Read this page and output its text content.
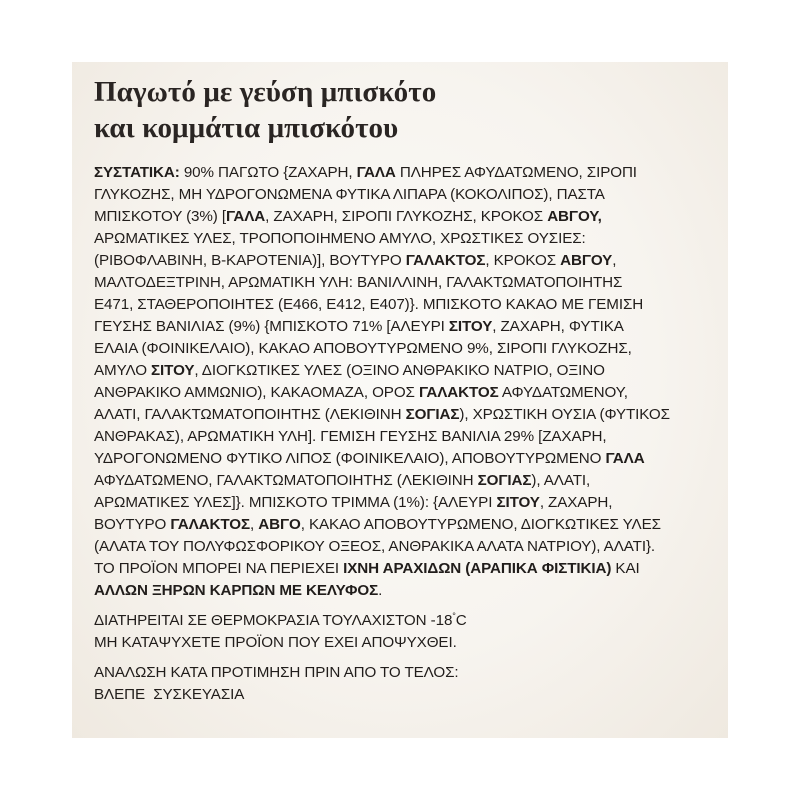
Παγωτό με γεύση μπισκότο
και κομμάτια μπισκότου
ΣΥΣΤΑΤΙΚΑ: 90% ΠΑΓΩΤΟ {ΖΑΧΑΡΗ, ΓΑΛΑ ΠΛΗΡΕΣ ΑΦΥΔΑΤΩΜΕΝΟ, ΣΙΡΟΠΙ
ΓΛΥΚΟΖΗΣ, ΜΗ ΥΔΡΟΓΟΝΩΜΕΝΑ ΦΥΤΙΚΑ ΛΙΠΑΡΑ (ΚΟΚΟΛΙΠΟΣ), ΠΑΣΤΑ
ΜΠΙΣΚΟΤΟΥ (3%) [ΓΑΛΑ, ΖΑΧΑΡΗ, ΣΙΡΟΠΙ ΓΛΥΚΟΖΗΣ, ΚΡΟΚΟΣ ΑΒΓΟΥ,
ΑΡΩΜΑΤΙΚΕΣ ΥΛΕΣ, ΤΡΟΠΟΠΟΙΗΜΕΝΟ ΑΜΥΛΟ, ΧΡΩΣΤΙΚΕΣ ΟΥΣΙΕΣ:
(ΡΙΒΟΦΛΑΒΙΝΗ, Β-ΚΑΡΟΤΕΝΙΑ)], ΒΟΥΤΥΡΟ ΓΑΛΑΚΤΟΣ, ΚΡΟΚΟΣ ΑΒΓΟΥ,
ΜΑΛΤΟΔΕΞΤΡΙΝΗ, ΑΡΩΜΑΤΙΚΗ ΥΛΗ: ΒΑΝΙΛΛΙΝΗ, ΓΑΛΑΚΤΩΜΑΤΟΠΟΙΗΤΗΣ
Ε471, ΣΤΑΘΕΡΟΠΟΙΗΤΕΣ (Ε466, Ε412, Ε407)}. ΜΠΙΣΚΟΤΟ ΚΑΚΑΟ ΜΕ ΓΕΜΙΣΗ
ΓΕΥΣΗΣ ΒΑΝΙΛΙΑΣ (9%) {ΜΠΙΣΚΟΤΟ 71% [ΑΛΕΥΡΙ ΣΙΤΟΥ, ΖΑΧΑΡΗ, ΦΥΤΙΚΑ
ΕΛΑΙΑ (ΦΟΙΝΙΚΕΛΑΙΟ), ΚΑΚΑΟ ΑΠΟΒΟΥΤΥΡΩΜΕΝΟ 9%, ΣΙΡΟΠΙ ΓΛΥΚΟΖΗΣ,
ΑΜΥΛΟ ΣΙΤΟΥ, ΔΙΟΓΚΩΤΙΚΕΣ ΥΛΕΣ (ΟΞΙΝΟ ΑΝΘΡΑΚΙΚΟ ΝΑΤΡΙΟ, ΟΞΙΝΟ
ΑΝΘΡΑΚΙΚΟ ΑΜΜΩΝΙΟ), ΚΑΚΑΟΜΑΖΑ, ΟΡΟΣ ΓΑΛΑΚΤΟΣ ΑΦΥΔΑΤΩΜΕΝΟΥ,
ΑΛΑΤΙ, ΓΑΛΑΚΤΩΜΑΤΟΠΟΙΗΤΗΣ (ΛΕΚΙΘΙΝΗ ΣΟΓΙΑΣ), ΧΡΩΣΤΙΚΗ ΟΥΣΙΑ (ΦΥΤΙΚΟΣ
ΑΝΘΡΑΚΑΣ), ΑΡΩΜΑΤΙΚΗ ΥΛΗ]. ΓΕΜΙΣΗ ΓΕΥΣΗΣ ΒΑΝΙΛΙΑ 29% [ΖΑΧΑΡΗ,
ΥΔΡΟΓΟΝΩΜΕΝΟ ΦΥΤΙΚΟ ΛΙΠΟΣ (ΦΟΙΝΙΚΕΛΑΙΟ), ΑΠΟΒΟΥΤΥΡΩΜΕΝΟ ΓΑΛΑ
ΑΦΥΔΑΤΩΜΕΝΟ, ΓΑΛΑΚΤΩΜΑΤΟΠΟΙΗΤΗΣ (ΛΕΚΙΘΙΝΗ ΣΟΓΙΑΣ), ΑΛΑΤΙ,
ΑΡΩΜΑΤΙΚΕΣ ΥΛΕΣ]}. ΜΠΙΣΚΟΤΟ ΤΡΙΜΜΑ (1%): {ΑΛΕΥΡΙ ΣΙΤΟΥ, ΖΑΧΑΡΗ,
ΒΟΥΤΥΡΟ ΓΑΛΑΚΤΟΣ, ΑΒΓΟ, ΚΑΚΑΟ ΑΠΟΒΟΥΤΥΡΩΜΕΝΟ, ΔΙΟΓΚΩΤΙΚΕΣ ΥΛΕΣ
(ΑΛΑΤΑ ΤΟΥ ΠΟΛΥΦΩΣΦΟΡΙΚΟΥ ΟΞΕΟΣ, ΑΝΘΡΑΚΙΚΑ ΑΛΑΤΑ ΝΑΤΡΙΟΥ), ΑΛΑΤΙ}.
ΤΟ ΠΡΟΪΟΝ ΜΠΟΡΕΙ ΝΑ ΠΕΡΙΕΧΕΙ ΙΧΝΗ ΑΡΑΧΙΔΩΝ (ΑΡΑΠΙΚΑ ΦΙΣΤΙΚΙΑ) ΚΑΙ
ΑΛΛΩΝ ΞΗΡΩΝ ΚΑΡΠΩΝ ΜΕ ΚΕΛΥΦΟΣ.
ΔΙΑΤΗΡΕΙΤΑΙ ΣΕ ΘΕΡΜΟΚΡΑΣΙΑ ΤΟΥΛΑΧΙΣΤΟΝ -18°C
ΜΗ ΚΑΤΑΨΥΧΕΤΕ ΠΡΟΪΟΝ ΠΟΥ ΕΧΕΙ ΑΠΟΨΥΧΘΕΙ.
ΑΝΑΛΩΣΗ ΚΑΤΑ ΠΡΟΤΙΜΗΣΗ ΠΡΙΝ ΑΠΟ ΤΟ ΤΕΛΟΣ:
ΒΛΕΠΕ  ΣΥΣΚΕΥΑΣΙΑ
